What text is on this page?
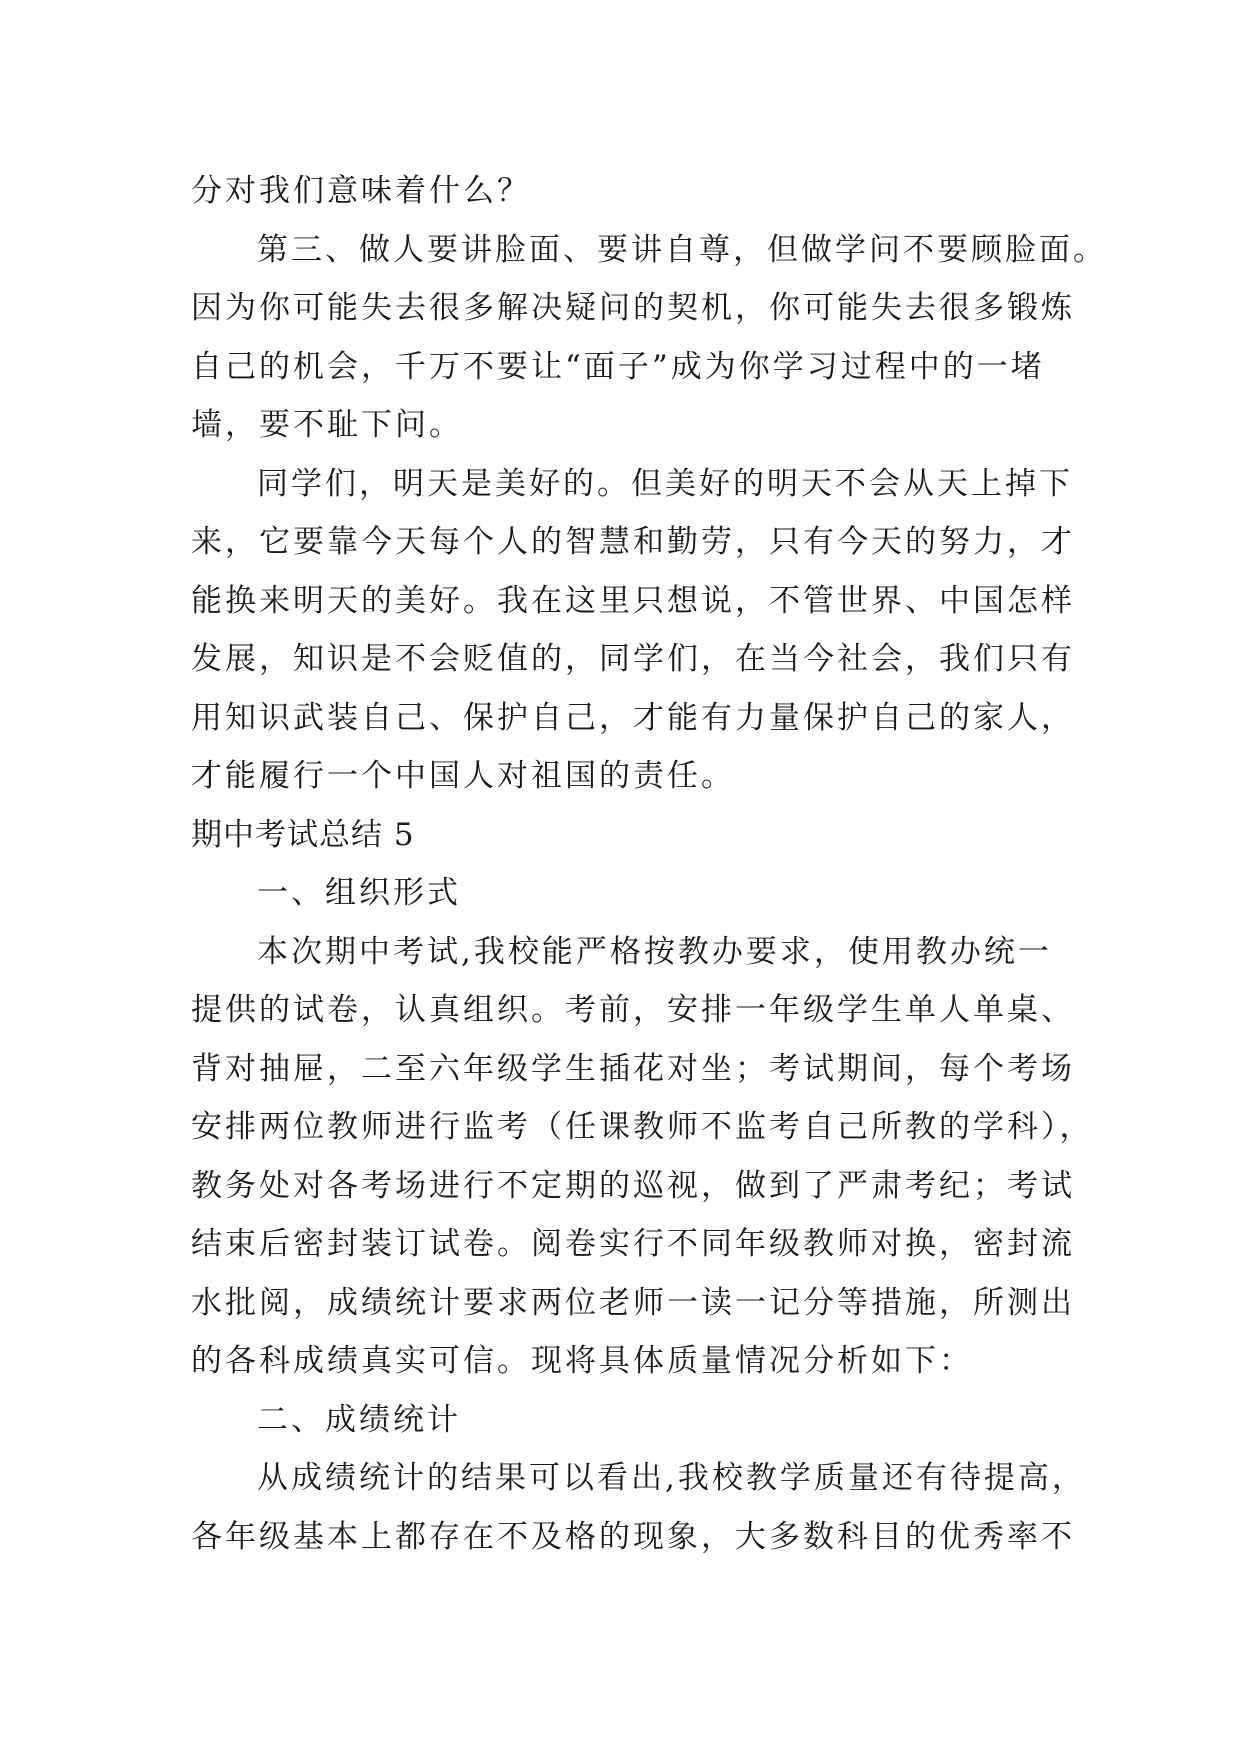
分对我们意味着什么？
第三、做人要讲脸面、要讲自尊，但做学问不要顾脸面。
因为你可能失去很多解决疑问的契机，你可能失去很多锻炼
自己的机会，千万不要让“面子”成为你学习过程中的一堵
墙，要不耻下问。
同学们，明天是美好的。但美好的明天不会从天上掉下
来，它要靠今天每个人的智慧和勤劳，只有今天的努力，才
能换来明天的美好。我在这里只想说，不管世界、中国怎样
发展，知识是不会贬值的，同学们，在当今社会，我们只有
用知识武装自己、保护自己，才能有力量保护自己的家人，
才能履行一个中国人对祖国的责任。
期中考试总结 5
一、组织形式
本次期中考试,我校能严格按教办要求，使用教办统一
提供的试卷，认真组织。考前，安排一年级学生单人单桌、
背对抽屉，二至六年级学生插花对坐；考试期间，每个考场
安排两位教师进行监考（任课教师不监考自己所教的学科），
教务处对各考场进行不定期的巡视，做到了严肃考纪；考试
结束后密封装订试卷。阅卷实行不同年级教师对换，密封流
水批阅，成绩统计要求两位老师一读一记分等措施，所测出
的各科成绩真实可信。现将具体质量情况分析如下：
二、成绩统计
从成绩统计的结果可以看出,我校教学质量还有待提高，
各年级基本上都存在不及格的现象，大多数科目的优秀率不
